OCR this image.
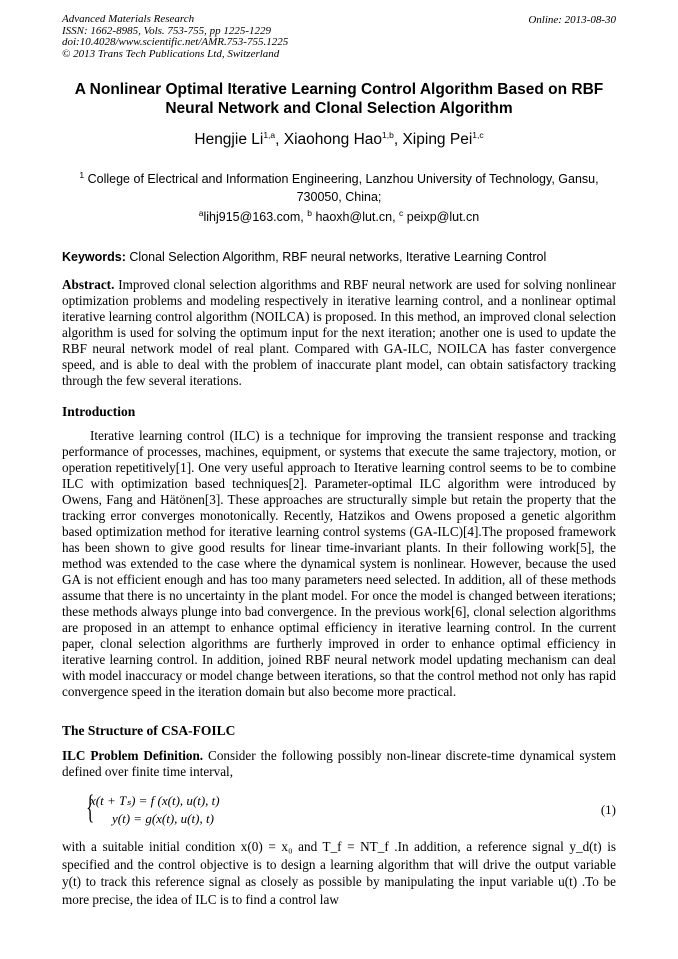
Advanced Materials Research
ISSN: 1662-8985, Vols. 753-755, pp 1225-1229
doi:10.4028/www.scientific.net/AMR.753-755.1225
© 2013 Trans Tech Publications Ltd, Switzerland
Online: 2013-08-30
A Nonlinear Optimal Iterative Learning Control Algorithm Based on RBF Neural Network and Clonal Selection Algorithm
Hengjie Li$^{1,a}$, Xiaohong Hao$^{1,b}$, Xiping Pei$^{1,c}$
$^1$ College of Electrical and Information Engineering, Lanzhou University of Technology, Gansu, 730050, China;
$^a$lihj915@163.com, $^b$ haoxh@lut.cn, $^c$ peixp@lut.cn
Keywords: Clonal Selection Algorithm, RBF neural networks, Iterative Learning Control
Abstract. Improved clonal selection algorithms and RBF neural network are used for solving nonlinear optimization problems and modeling respectively in iterative learning control, and a nonlinear optimal iterative learning control algorithm (NOILCA) is proposed. In this method, an improved clonal selection algorithm is used for solving the optimum input for the next iteration; another one is used to update the RBF neural network model of real plant. Compared with GA-ILC, NOILCA has faster convergence speed, and is able to deal with the problem of inaccurate plant model, can obtain satisfactory tracking through the few several iterations.
Introduction
Iterative learning control (ILC) is a technique for improving the transient response and tracking performance of processes, machines, equipment, or systems that execute the same trajectory, motion, or operation repetitively[1]. One very useful approach to Iterative learning control seems to be to combine ILC with optimization based techniques[2]. Parameter-optimal ILC algorithm were introduced by Owens, Fang and Hätönen[3]. These approaches are structurally simple but retain the property that the tracking error converges monotonically. Recently, Hatzikos and Owens proposed a genetic algorithm based optimization method for iterative learning control systems (GA-ILC)[4].The proposed framework has been shown to give good results for linear time-invariant plants. In their following work[5], the method was extended to the case where the dynamical system is nonlinear. However, because the used GA is not efficient enough and has too many parameters need selected. In addition, all of these methods assume that there is no uncertainty in the plant model. For once the model is changed between iterations; these methods always plunge into bad convergence. In the previous work[6], clonal selection algorithms are proposed in an attempt to enhance optimal efficiency in iterative learning control. In the current paper, clonal selection algorithms are furtherly improved in order to enhance optimal efficiency in iterative learning control. In addition, joined RBF neural network model updating mechanism can deal with model inaccuracy or model change between iterations, so that the control method not only has rapid convergence speed in the iteration domain but also become more practical.
The Structure of CSA-FOILC
ILC Problem Definition. Consider the following possibly non-linear discrete-time dynamical system defined over finite time interval,
{
x(t + Tₛ) = f (x(t), u(t), t)
y(t) = g(x(t), u(t), t)
(1)
with a suitable initial condition x(0) = x₀ and T_f = NT_f .In addition, a reference signal y_d(t) is specified and the control objective is to design a learning algorithm that will drive the output variable y(t) to track this reference signal as closely as possible by manipulating the input variable u(t) .To be more precise, the idea of ILC is to find a control law
